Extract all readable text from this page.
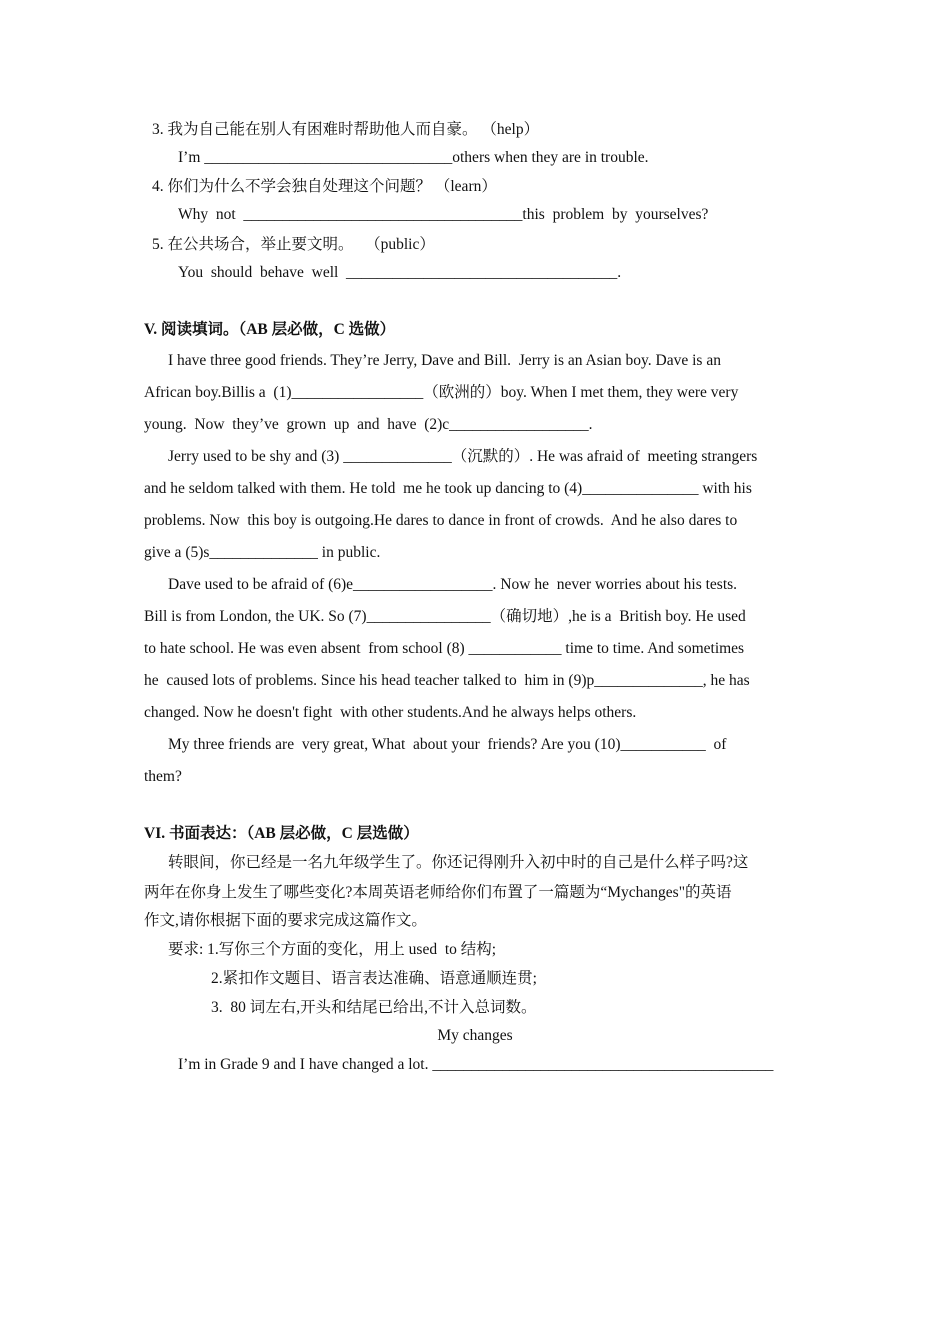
3. 我为自己能在别人有困难时帮助他人而自豪。 （help）
I’m ________________________________others when they are in trouble.
4. 你们为什么不学会独自处理这个问题？ （learn）
Why  not  ____________________________________this  problem  by  yourselves?
5. 在公共场合，举止要文明。   （public）
You  should  behave  well  ___________________________________.
V. 阅读填词。（AB 层必做，C 选做）
I have three good friends. They’re Jerry, Dave and Bill.  Jerry is an Asian boy. Dave is an
African boy.Billis a  (1)_________________（欧洲的）boy. When I met them, they were very
young.  Now  they’ve  grown  up  and  have  (2)c__________________.
Jerry used to be shy and (3) ______________（沉默的）. He was afraid of  meeting strangers
and he seldom talked with them. He told  me he took up dancing to (4)_______________ with his
problems. Now  this boy is outgoing.He dares to dance in front of crowds.  And he also dares to
give a (5)s______________ in public.
Dave used to be afraid of (6)e__________________. Now he  never worries about his tests.
Bill is from London, the UK. So (7)________________（确切地）,he is a  British boy. He used
to hate school. He was even absent  from school (8) ____________ time to time. And sometimes
he  caused lots of problems. Since his head teacher talked to  him in (9)p______________, he has
changed. Now he doesn't fight  with other students.And he always helps others.
My three friends are  very great, What  about your  friends? Are you (10)___________  of
them?
VI. 书面表达：（AB 层必做，C 层选做）
转眼间，你已经是一名九年级学生了。你还记得刚升入初中时的自己是什么样子吗?这
两年在你身上发生了哪些变化?本周英语老师给你们布置了一篇题为“Mychanges"的英语
作文,请你根据下面的要求完成这篇作文。
要求: 1.写你三个方面的变化，用上 used  to 结构;
2.紧扣作文题目、语言表达准确、语意通顺连贯;
3.  80 词左右,开头和结尾已给出,不计入总词数。
My changes
I’m in Grade 9 and I have changed a lot. ____________________________________________
